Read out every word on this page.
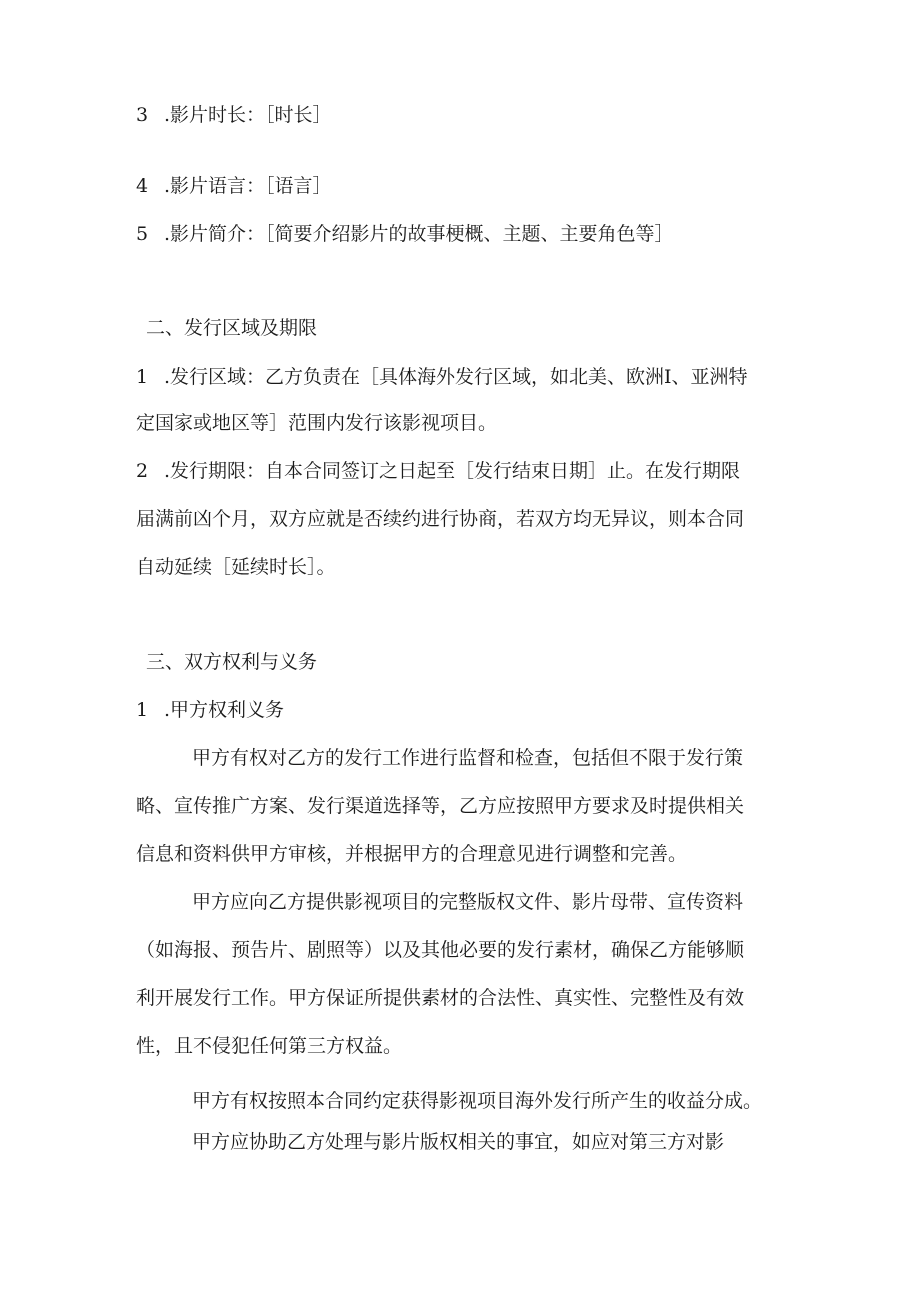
3 .影片时长：［时长］
4 .影片语言：［语言］
5 .影片简介：［简要介绍影片的故事梗概、主题、主要角色等］
二、发行区域及期限
1 .发行区域：乙方负责在［具体海外发行区域，如北美、欧洲I、亚洲特
定国家或地区等］范围内发行该影视项目。
2 .发行期限：自本合同签订之日起至［发行结束日期］止。在发行期限
届满前凶个月，双方应就是否续约进行协商，若双方均无异议，则本合同
自动延续［延续时长］。
三、双方权利与义务
1 .甲方权利义务
甲方有权对乙方的发行工作进行监督和检查，包括但不限于发行策
略、宣传推广方案、发行渠道选择等，乙方应按照甲方要求及时提供相关
信息和资料供甲方审核，并根据甲方的合理意见进行调整和完善。
甲方应向乙方提供影视项目的完整版权文件、影片母带、宣传资料
（如海报、预告片、剧照等）以及其他必要的发行素材，确保乙方能够顺
利开展发行工作。甲方保证所提供素材的合法性、真实性、完整性及有效
性，且不侵犯任何第三方权益。
甲方有权按照本合同约定获得影视项目海外发行所产生的收益分成。
甲方应协助乙方处理与影片版权相关的事宜，如应对第三方对影
